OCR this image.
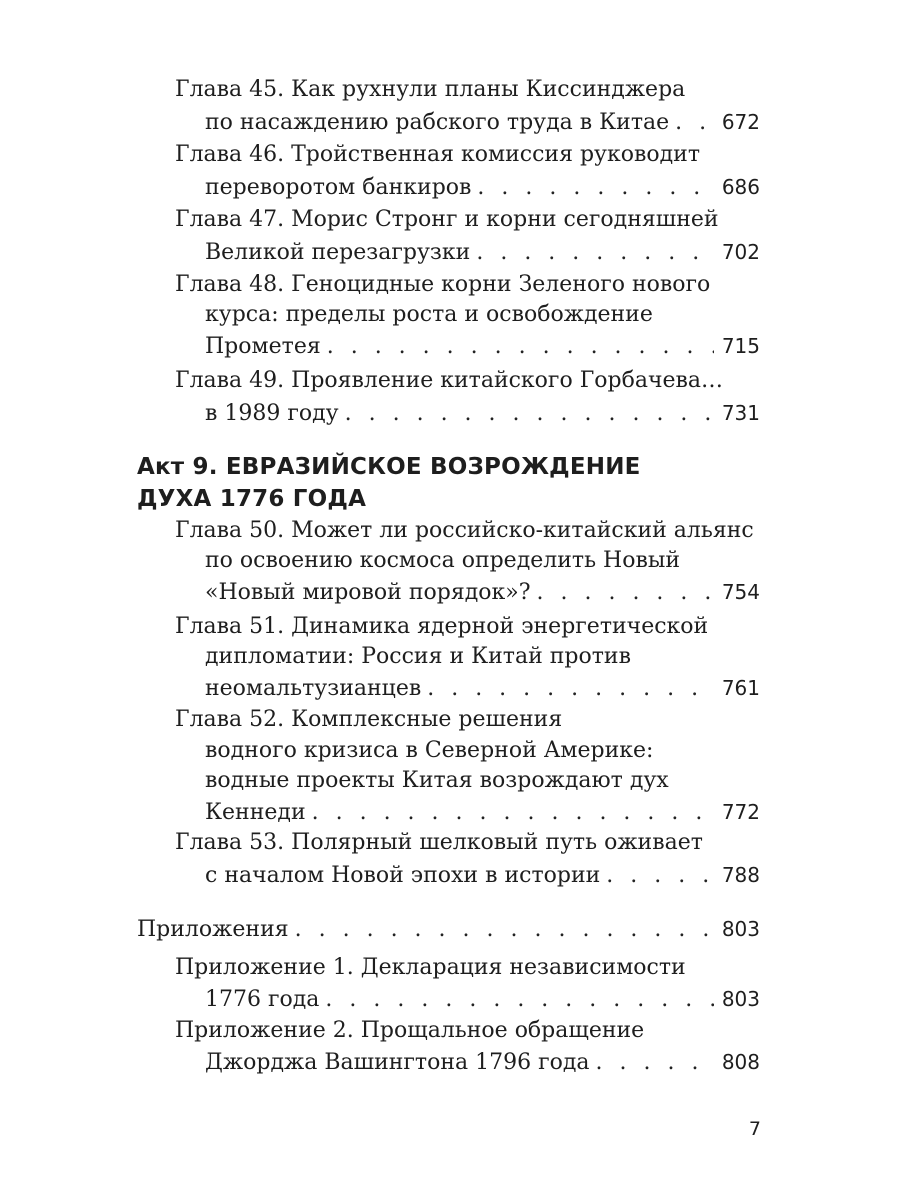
Глава 45. Как рухнули планы Киссинджера
по насаждению рабского труда в Китае . . .	672
Глава 46. Тройственная комиссия руководит
переворотом банкиров . . .	686
Глава 47. Морис Стронг и корни сегодняшней
Великой перезагрузки . . .	702
Глава 48. Геноцидные корни Зеленого нового
курса: пределы роста и освобождение
Прометея . . .	715
Глава 49. Проявление китайского Горбачева…
в 1989 году . . .	731
Акт 9. ЕВРАЗИЙСКОЕ ВОЗРОЖДЕНИЕ
ДУХА 1776 ГОДА
Глава 50. Может ли российско-китайский альянс
по освоению космоса определить Новый
«Новый мировой порядок»? . . .	754
Глава 51. Динамика ядерной энергетической
дипломатии: Россия и Китай против
неомальтузианцев . . .	761
Глава 52. Комплексные решения
водного кризиса в Северной Америке:
водные проекты Китая возрождают дух
Кеннеди . . .	772
Глава 53. Полярный шелковый путь оживает
с началом Новой эпохи в истории . . .	788
Приложения . . .	803
Приложение 1. Декларация независимости
1776 года . . .	803
Приложение 2. Прощальное обращение
Джорджа Вашингтона 1796 года . . .	808
7
